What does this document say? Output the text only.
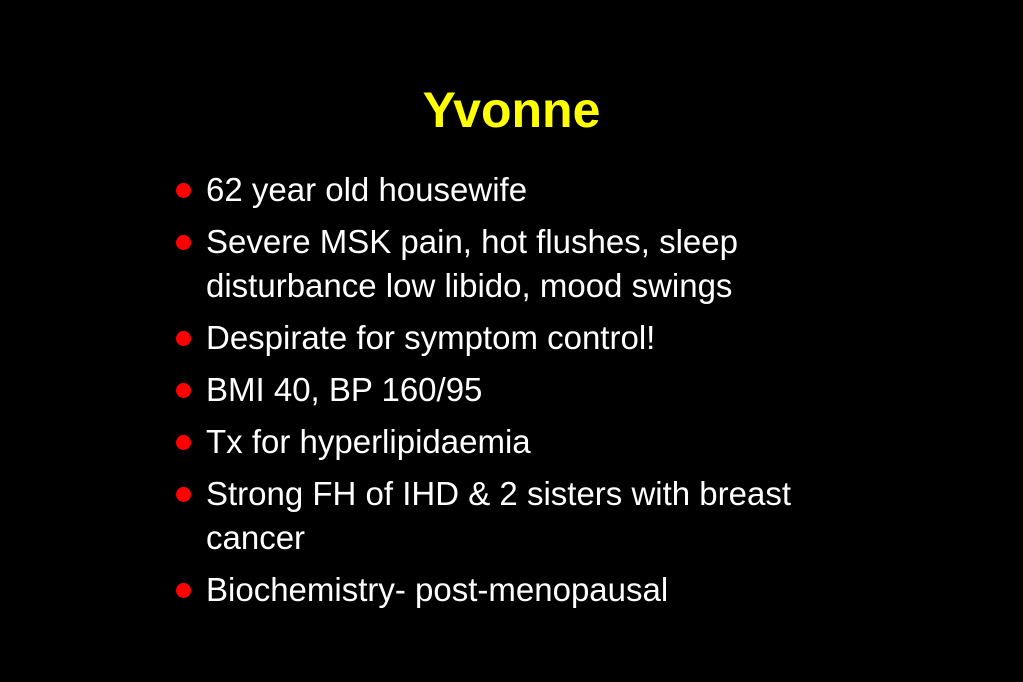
Yvonne
62 year old housewife
Severe MSK pain, hot flushes, sleep disturbance low libido, mood swings
Despirate for symptom control!
BMI 40, BP 160/95
Tx for hyperlipidaemia
Strong FH of IHD & 2 sisters with breast cancer
Biochemistry- post-menopausal
